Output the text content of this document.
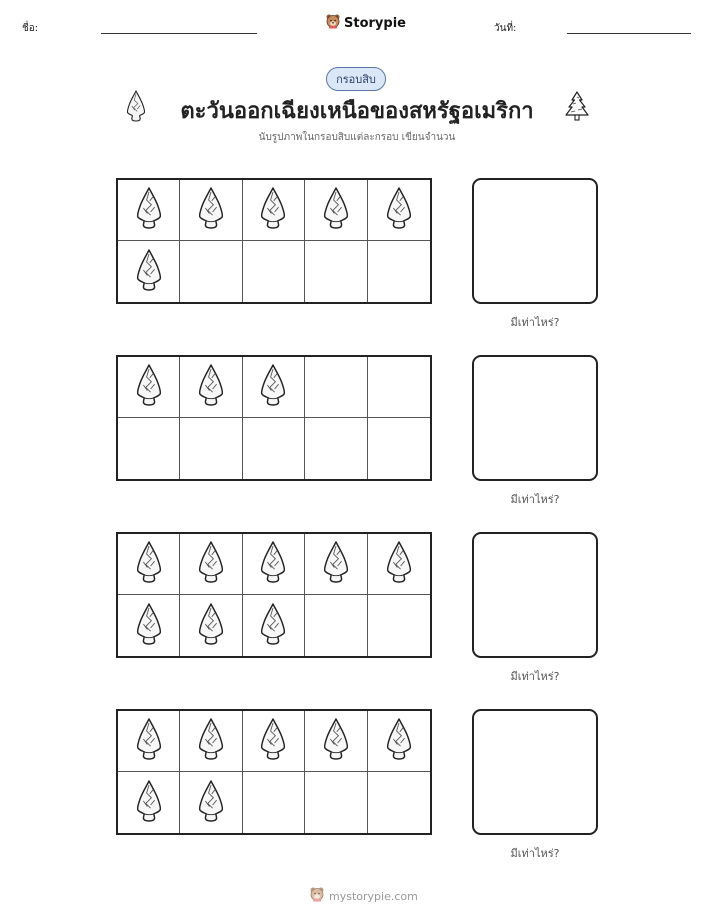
ชื่อ:	Storypie	วันที่:
กรอบสิบ
ตะวันออกเฉียงเหนือของสหรัฐอเมริกา
นับรูปภาพในกรอบสิบแต่ละกรอบ เขียนจำนวน
มีเท่าไหร่?
มีเท่าไหร่?
มีเท่าไหร่?
มีเท่าไหร่?
mystorypie.com
